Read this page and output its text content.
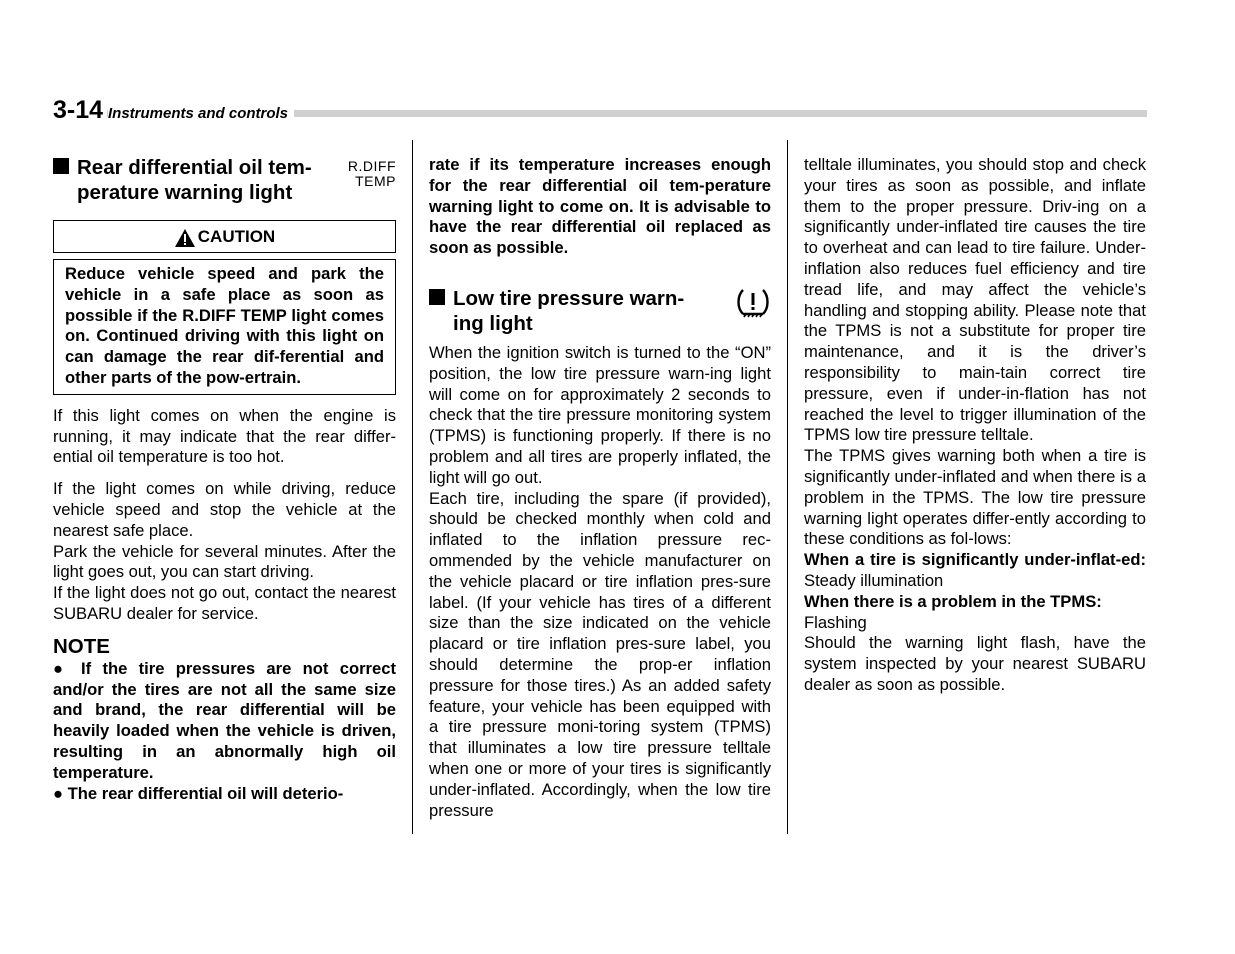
3-14 Instruments and controls
Rear differential oil tem-
perature warning light
R.DIFF
TEMP
CAUTION

Reduce vehicle speed and park the vehicle in a safe place as soon as possible if the R.DIFF TEMP light comes on. Continued driving with this light on can damage the rear dif-ferential and other parts of the pow-ertrain.

If this light comes on when the engine is running, it may indicate that the rear differ-ential oil temperature is too hot.

If the light comes on while driving, reduce vehicle speed and stop the vehicle at the nearest safe place.

Park the vehicle for several minutes. After the light goes out, you can start driving.

If the light does not go out, contact the nearest SUBARU dealer for service.

NOTE

● If the tire pressures are not correct and/or the tires are not all the same size and brand, the rear differential will be heavily loaded when the vehicle is driven, resulting in an abnormally high oil temperature.

● The rear differential oil will deterio-

rate if its temperature increases enough for the rear differential oil tem-perature warning light to come on. It is advisable to have the rear differential oil replaced as soon as possible.

Low tire pressure warn-
ing light

When the ignition switch is turned to the “ON” position, the low tire pressure warn-ing light will come on for approximately 2 seconds to check that the tire pressure monitoring system (TPMS) is functioning properly. If there is no problem and all tires are properly inflated, the light will go out.

Each tire, including the spare (if provided), should be checked monthly when cold and inflated to the inflation pressure rec-ommended by the vehicle manufacturer on the vehicle placard or tire inflation pres-sure label. (If your vehicle has tires of a different size than the size indicated on the vehicle placard or tire inflation pres-sure label, you should determine the prop-er inflation pressure for those tires.) As an added safety feature, your vehicle has been equipped with a tire pressure moni-toring system (TPMS) that illuminates a low tire pressure telltale when one or more of your tires is significantly under-inflated. Accordingly, when the low tire pressure

telltale illuminates, you should stop and check your tires as soon as possible, and inflate them to the proper pressure. Driv-ing on a significantly under-inflated tire causes the tire to overheat and can lead to tire failure. Under-inflation also reduces fuel efficiency and tire tread life, and may affect the vehicle’s handling and stopping ability. Please note that the TPMS is not a substitute for proper tire maintenance, and it is the driver’s responsibility to main-tain correct tire pressure, even if under-in-flation has not reached the level to trigger illumination of the TPMS low tire pressure telltale.

The TPMS gives warning both when a tire is significantly under-inflated and when there is a problem in the TPMS. The low tire pressure warning light operates differ-ently according to these conditions as fol-lows:

When a tire is significantly under-inflat-ed: Steady illumination

When there is a problem in the TPMS:
Flashing

Should the warning light flash, have the system inspected by your nearest SUBARU dealer as soon as possible.
